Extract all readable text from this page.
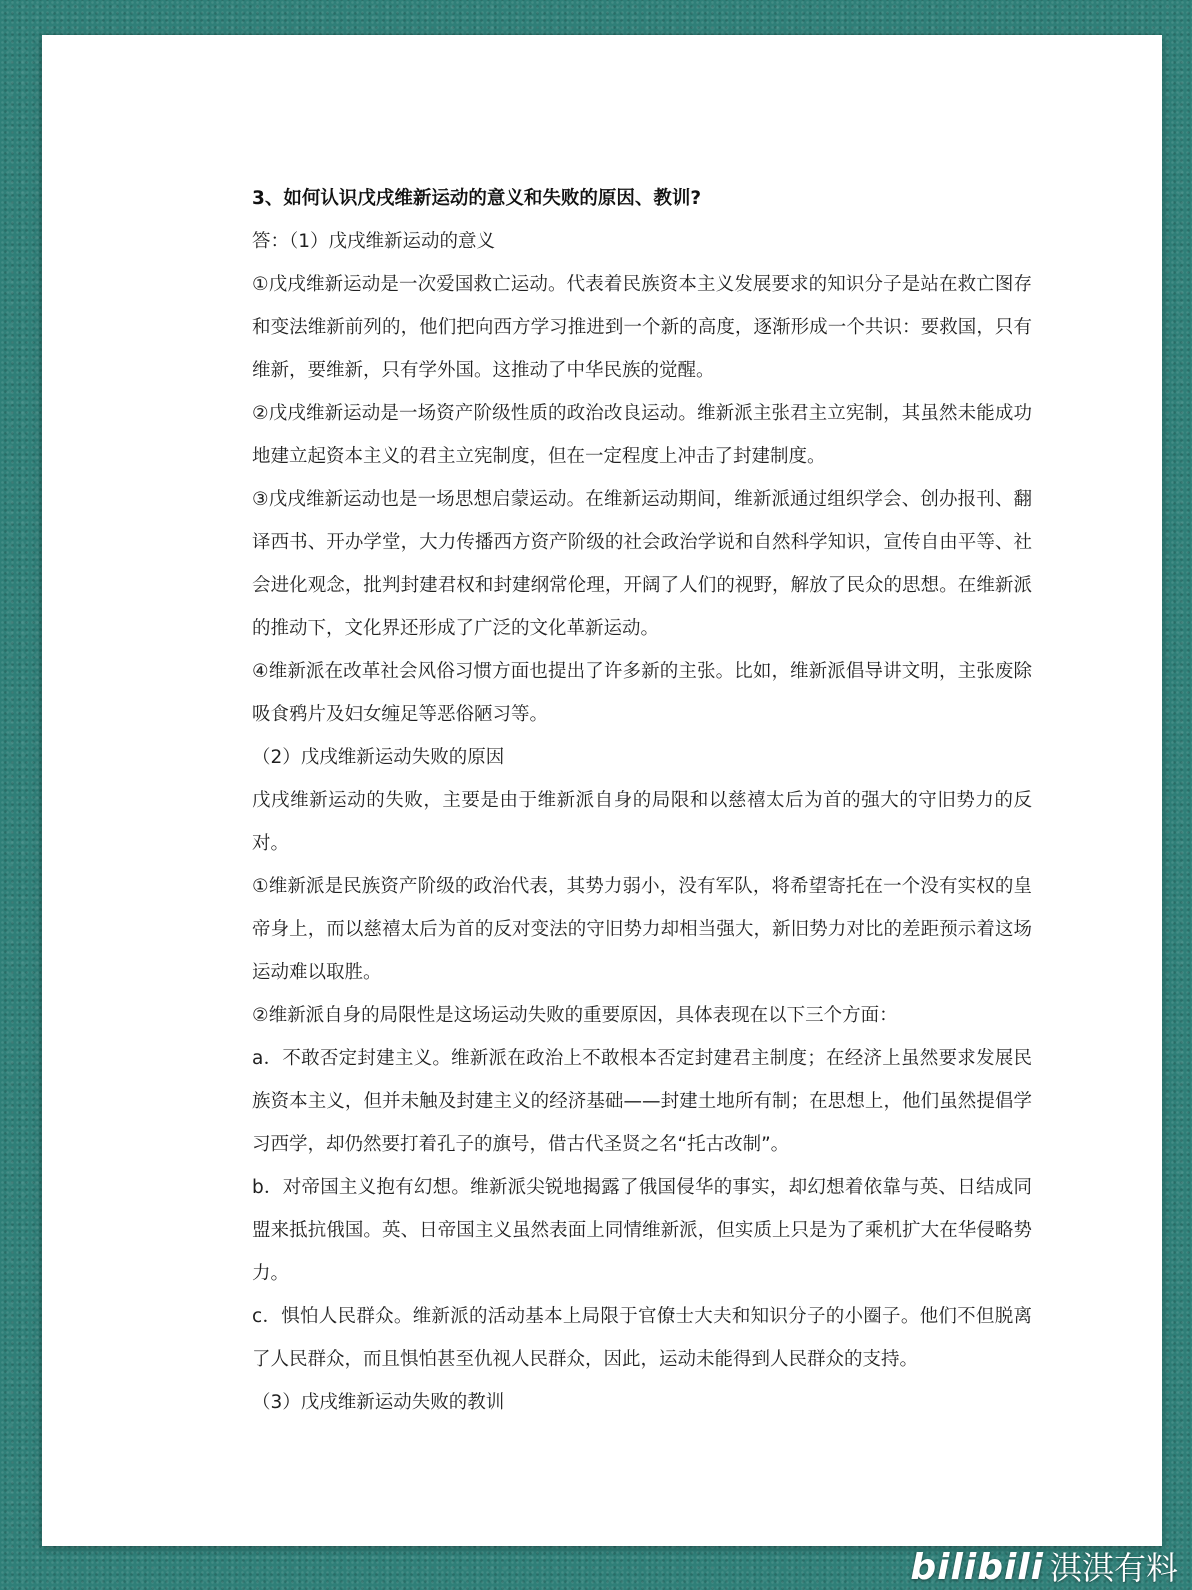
3、如何认识戊戌维新运动的意义和失败的原因、教训?

答：（1）戊戌维新运动的意义

①戊戌维新运动是一次爱国救亡运动。代表着民族资本主义发展要求的知识分子是站在救亡图存和变法维新前列的，他们把向西方学习推进到一个新的高度，逐渐形成一个共识：要救国，只有维新，要维新，只有学外国。这推动了中华民族的觉醒。

②戊戌维新运动是一场资产阶级性质的政治改良运动。维新派主张君主立宪制，其虽然未能成功地建立起资本主义的君主立宪制度，但在一定程度上冲击了封建制度。

③戊戌维新运动也是一场思想启蒙运动。在维新运动期间，维新派通过组织学会、创办报刊、翻译西书、开办学堂，大力传播西方资产阶级的社会政治学说和自然科学知识，宣传自由平等、社会进化观念，批判封建君权和封建纲常伦理，开阔了人们的视野，解放了民众的思想。在维新派的推动下，文化界还形成了广泛的文化革新运动。

④维新派在改革社会风俗习惯方面也提出了许多新的主张。比如，维新派倡导讲文明，主张废除吸食鸦片及妇女缠足等恶俗陋习等。

（2）戊戌维新运动失败的原因

戊戌维新运动的失败，主要是由于维新派自身的局限和以慈禧太后为首的强大的守旧势力的反对。

①维新派是民族资产阶级的政治代表，其势力弱小，没有军队，将希望寄托在一个没有实权的皇帝身上，而以慈禧太后为首的反对变法的守旧势力却相当强大，新旧势力对比的差距预示着这场运动难以取胜。

②维新派自身的局限性是这场运动失败的重要原因，具体表现在以下三个方面：

a．不敢否定封建主义。维新派在政治上不敢根本否定封建君主制度；在经济上虽然要求发展民族资本主义，但并未触及封建主义的经济基础——封建土地所有制；在思想上，他们虽然提倡学习西学，却仍然要打着孔子的旗号，借古代圣贤之名“托古改制”。

b．对帝国主义抱有幻想。维新派尖锐地揭露了俄国侵华的事实，却幻想着依靠与英、日结成同盟来抵抗俄国。英、日帝国主义虽然表面上同情维新派，但实质上只是为了乘机扩大在华侵略势力。

c．惧怕人民群众。维新派的活动基本上局限于官僚士大夫和知识分子的小圈子。他们不但脱离了人民群众，而且惧怕甚至仇视人民群众，因此，运动未能得到人民群众的支持。

（3）戊戌维新运动失败的教训

bilibili 淇淇有料
